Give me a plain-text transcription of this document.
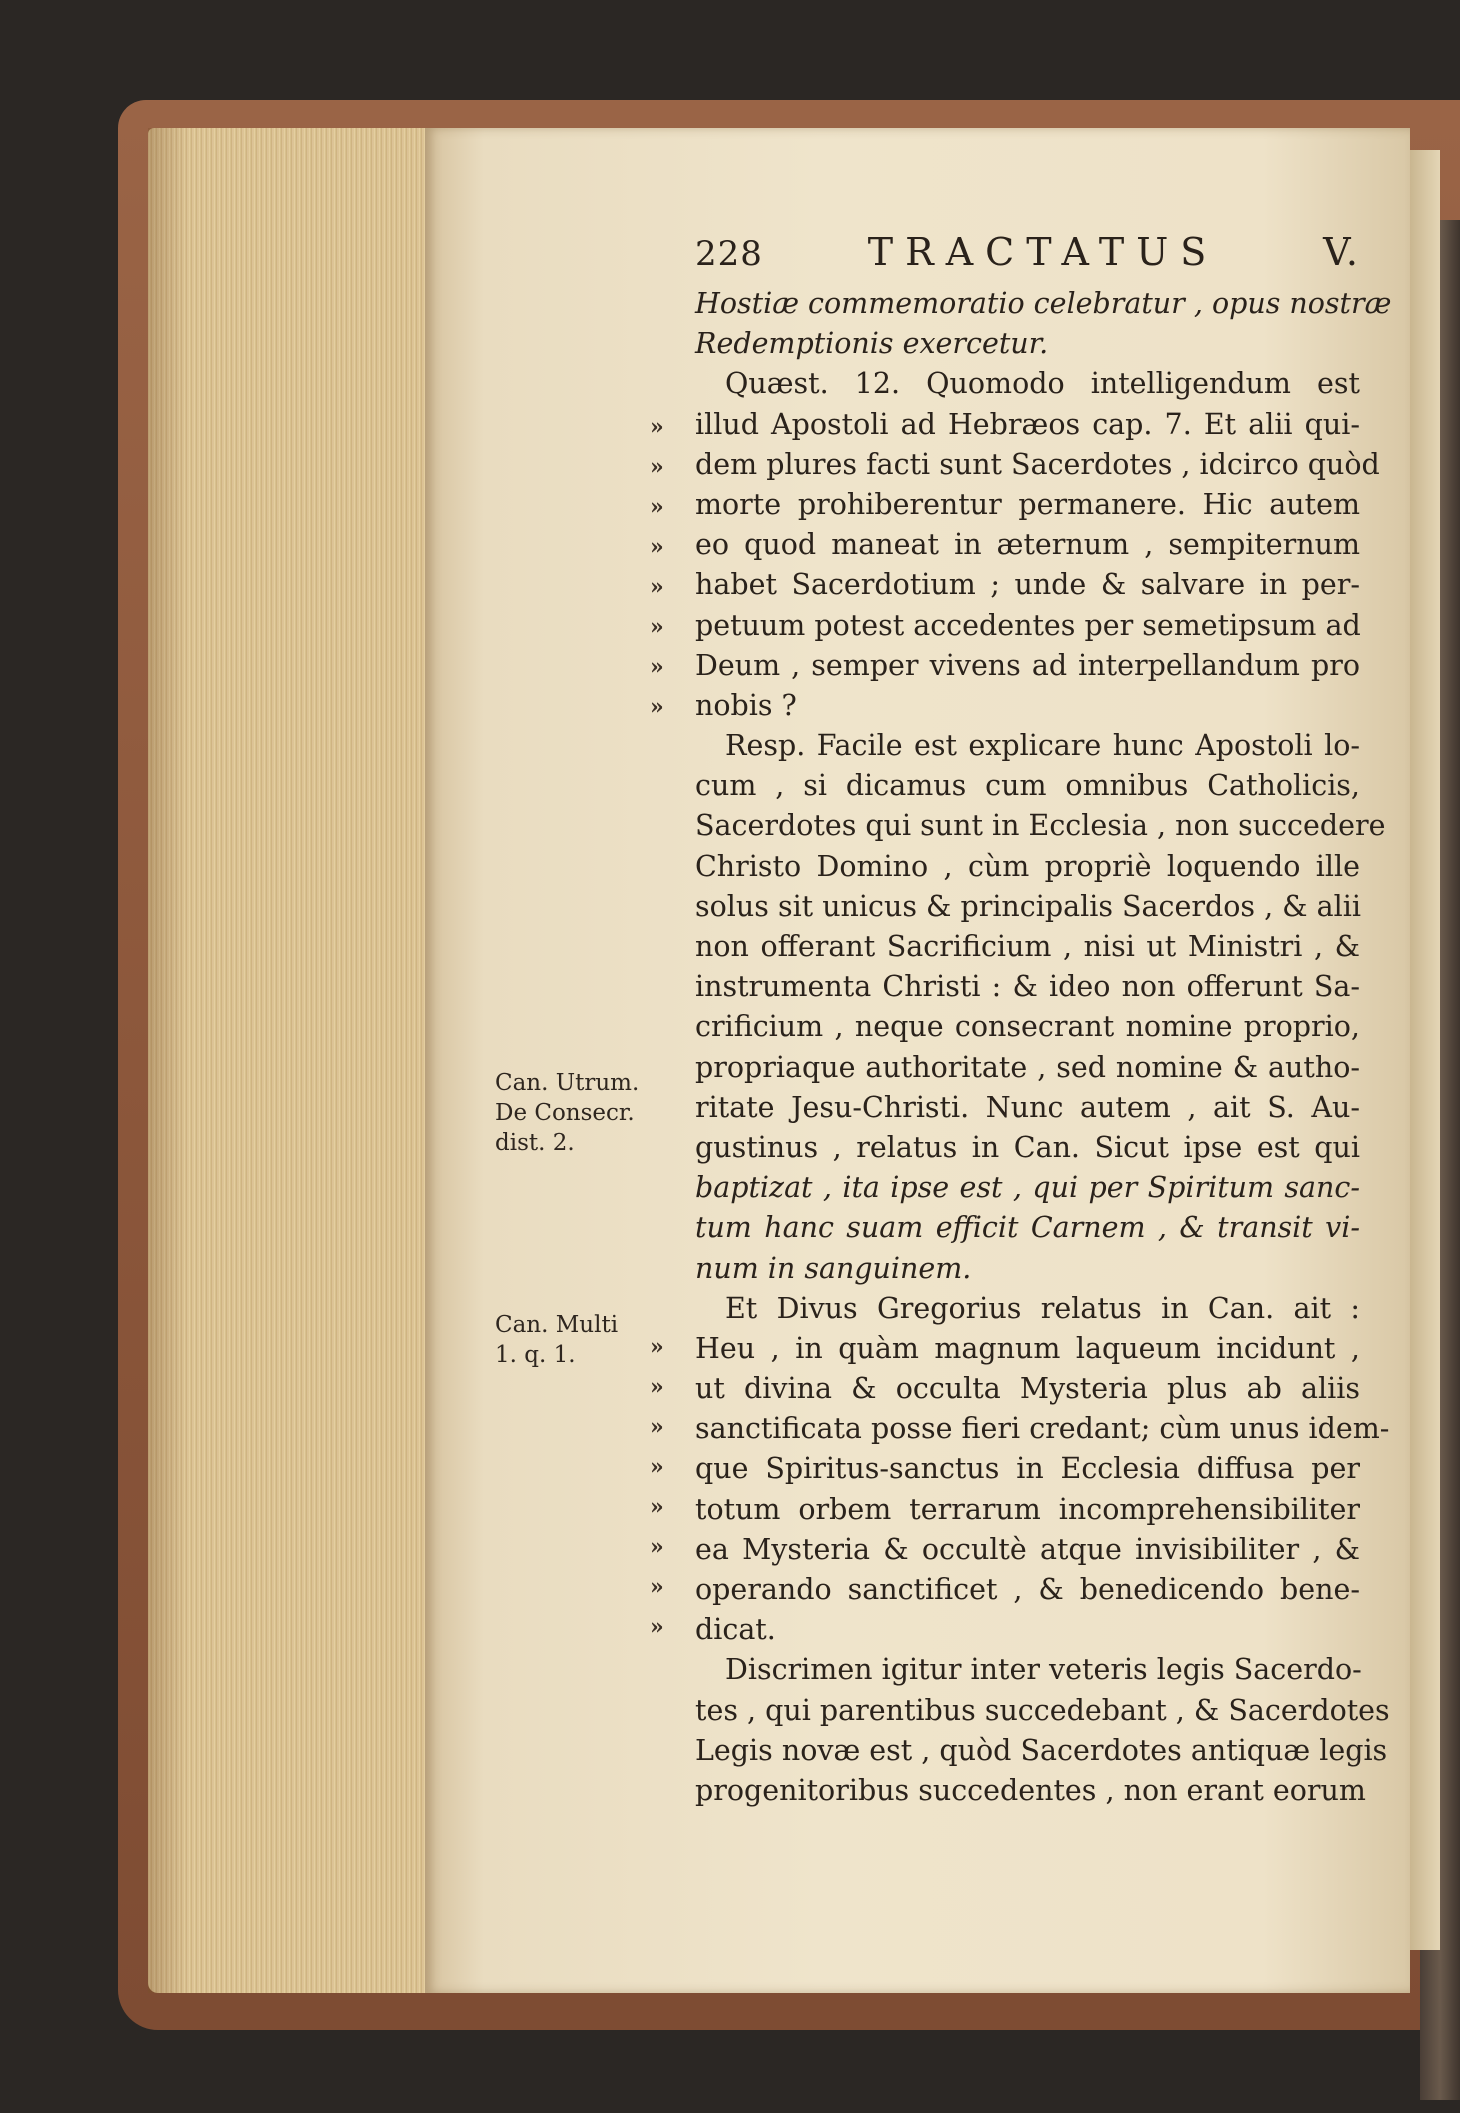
228	TRACTATUS	V.
Hostiæ commemoratio celebratur , opus nostræ
Redemptionis exercetur.
Quæst. 12. Quomodo intelligendum est
illud Apostoli ad Hebræos cap. 7. Et alii qui-
dem plures facti sunt Sacerdotes , idcirco quòd
morte prohiberentur permanere. Hic autem
eo quod maneat in æternum , sempiternum
habet Sacerdotium ; unde & salvare in per-
petuum potest accedentes per semetipsum ad
Deum , semper vivens ad interpellandum pro
nobis ?
Resp. Facile est explicare hunc Apostoli lo-
cum , si dicamus cum omnibus Catholicis,
Sacerdotes qui sunt in Ecclesia , non succedere
Christo Domino , cùm propriè loquendo ille
solus sit unicus & principalis Sacerdos , & alii
non offerant Sacrificium , nisi ut Ministri , &
instrumenta Christi : & ideo non offerunt Sa-
crificium , neque consecrant nomine proprio,
propriaque authoritate , sed nomine & autho-
ritate Jesu-Christi. Nunc autem , ait S. Au-
gustinus , relatus in Can. Sicut ipse est qui
baptizat , ita ipse est , qui per Spiritum sanc-
tum hanc suam efficit Carnem , & transit vi-
num in sanguinem.
Et Divus Gregorius relatus in Can. ait :
Heu , in quàm magnum laqueum incidunt ,
ut divina & occulta Mysteria plus ab aliis
sanctificata posse fieri credant; cùm unus idem-
que Spiritus-sanctus in Ecclesia diffusa per
totum orbem terrarum incomprehensibiliter
ea Mysteria & occultè atque invisibiliter , &
operando sanctificet , & benedicendo bene-
dicat.
Discrimen igitur inter veteris legis Sacerdo-
tes , qui parentibus succedebant , & Sacerdotes
Legis novæ est , quòd Sacerdotes antiquæ legis
progenitoribus succedentes , non erant eorum
»
»
»
»
»
»
»
»
»
»
»
»
»
»
»
»
Can. Utrum.
De Consecr.
dist. 2.
Can. Multi
1. q. 1.
